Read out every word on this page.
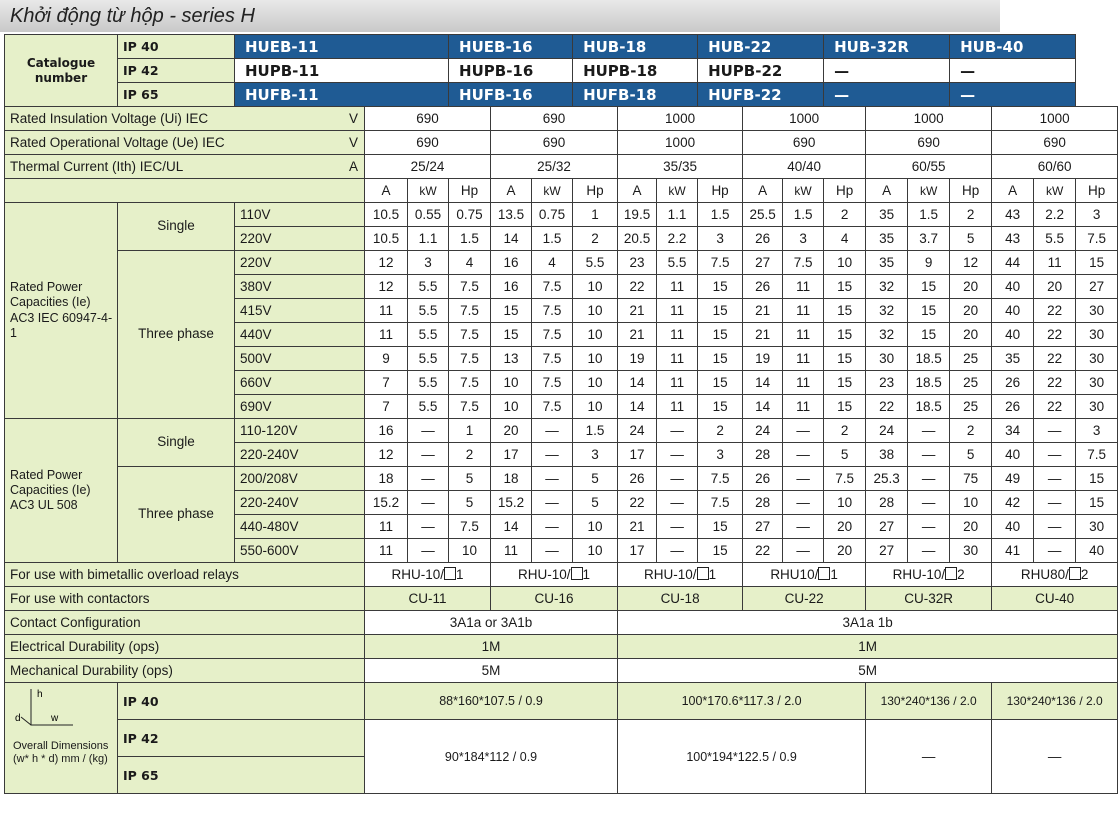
Khởi động từ hộp - series H
Catalogue number	IP 40	HUEB-11			HUEB-16			HUB-18			HUB-22			HUB-32R			HUB-40			
	IP 42	HUPB-11			HUPB-16			HUPB-18			HUPB-22			—			—			
	IP 65	HUFB-11			HUFB-16			HUFB-18			HUFB-22			—			—			
Rated Insulation Voltage (Ui) IEC V			690			690			1000			1000			1000			1000		
Rated Operational Voltage (Ue) IEC V			690			690			1000			690			690			690		
Thermal Current (Ith) IEC/UL A			25/24			25/32			35/35			40/40			60/55			60/60		
			A	kW	Hp	A	kW	Hp	A	kW	Hp	A	kW	Hp	A	kW	Hp	A	kW	Hp
Rated Power Capacities (Ie) AC3 IEC 60947-4-1	Single	110V	10.5	0.55	0.75	13.5	0.75	1	19.5	1.1	1.5	25.5	1.5	2	35	1.5	2	43	2.2	3
		220V	10.5	1.1	1.5	14	1.5	2	20.5	2.2	3	26	3	4	35	3.7	5	43	5.5	7.5
	Three phase	220V	12	3	4	16	4	5.5	23	5.5	7.5	27	7.5	10	35	9	12	44	11	15
		380V	12	5.5	7.5	16	7.5	10	22	11	15	26	11	15	32	15	20	40	20	27
		415V	11	5.5	7.5	15	7.5	10	21	11	15	21	11	15	32	15	20	40	22	30
		440V	11	5.5	7.5	15	7.5	10	21	11	15	21	11	15	32	15	20	40	22	30
		500V	9	5.5	7.5	13	7.5	10	19	11	15	19	11	15	30	18.5	25	35	22	30
		660V	7	5.5	7.5	10	7.5	10	14	11	15	14	11	15	23	18.5	25	26	22	30
		690V	7	5.5	7.5	10	7.5	10	14	11	15	14	11	15	22	18.5	25	26	22	30
Rated Power Capacities (Ie) AC3 UL 508	Single	110-120V	16	—	1	20	—	1.5	24	—	2	24	—	2	24	—	2	34	—	3
		220-240V	12	—	2	17	—	3	17	—	3	28	—	5	38	—	5	40	—	7.5
	Three phase	200/208V	18	—	5	18	—	5	26	—	7.5	26	—	7.5	25.3	—	75	49	—	15
		220-240V	15.2	—	5	15.2	—	5	22	—	7.5	28	—	10	28	—	10	42	—	15
		440-480V	11	—	7.5	14	—	10	21	—	15	27	—	20	27	—	20	40	—	30
		550-600V	11	—	10	11	—	10	17	—	15	22	—	20	27	—	30	41	—	40
For use with bimetallic overload relays			RHU-10/ 1			RHU-10/ 1			RHU-10/ 1			RHU10/ 1			RHU-10/ 2			RHU80/ 2		
For use with contactors			CU-11			CU-16			CU-18			CU-22			CU-32R			CU-40		
Contact Configuration			3A1a or 3A1b						3A1a 1b											
Electrical Durability (ops)			1M						1M											
Mechanical Durability (ops)			5M						5M											

h
d w
Overall Dimensions (w* h * d) mm / (kg)	IP 40		88*160*107.5 / 0.9						100*170.6*117.3 / 2.0						130*240*136 / 2.0			130*240*136 / 2.0		
	IP 42		90*184*112 / 0.9						100*194*122.5 / 0.9						—			—		
	IP 65																			
